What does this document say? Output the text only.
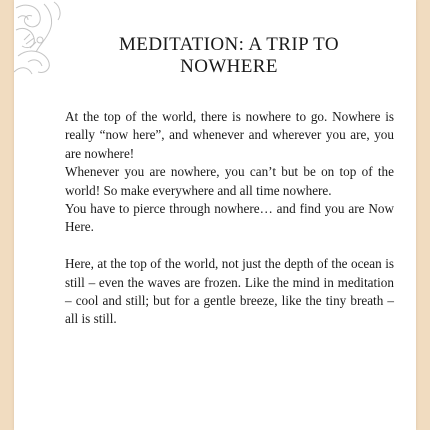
MEDITATION: A TRIP TO NOWHERE

At the top of the world, there is nowhere to go. Nowhere is really “now here”, and whenever and wherever you are, you are nowhere!

Whenever you are nowhere, you can’t but be on top of the world! So make everywhere and all time nowhere.

You have to pierce through nowhere… and find you are Now Here.

Here, at the top of the world, not just the depth of the ocean is still – even the waves are frozen. Like the mind in meditation – cool and still; but for a gentle breeze, like the tiny breath – all is still.
